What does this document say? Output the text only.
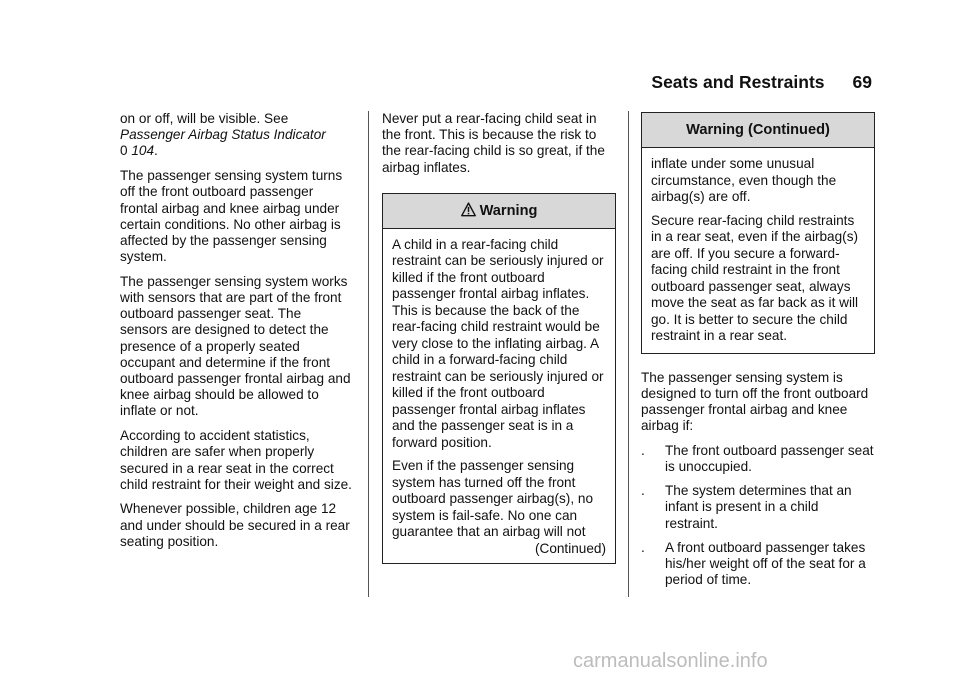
Seats and Restraints 69

on or off, will be visible. See
Passenger Airbag Status Indicator
0 104.

The passenger sensing system turns off the front outboard passenger frontal airbag and knee airbag under certain conditions. No other airbag is affected by the passenger sensing system.

The passenger sensing system works with sensors that are part of the front outboard passenger seat. The sensors are designed to detect the presence of a properly seated occupant and determine if the front outboard passenger frontal airbag and knee airbag should be allowed to inflate or not.

According to accident statistics, children are safer when properly secured in a rear seat in the correct child restraint for their weight and size.

Whenever possible, children age 12 and under should be secured in a rear seating position.

Never put a rear-facing child seat in the front. This is because the risk to the rear-facing child is so great, if the airbag inflates.

Warning

A child in a rear-facing child restraint can be seriously injured or killed if the front outboard passenger frontal airbag inflates. This is because the back of the rear-facing child restraint would be very close to the inflating airbag. A child in a forward-facing child restraint can be seriously injured or killed if the front outboard passenger frontal airbag inflates and the passenger seat is in a forward position.

Even if the passenger sensing system has turned off the front outboard passenger airbag(s), no system is fail-safe. No one can guarantee that an airbag will not

(Continued)
Warning (Continued)

inflate under some unusual circumstance, even though the airbag(s) are off.

Secure rear-facing child restraints in a rear seat, even if the airbag(s) are off. If you secure a forward-facing child restraint in the front outboard passenger seat, always move the seat as far back as it will go. It is better to secure the child restraint in a rear seat.

The passenger sensing system is designed to turn off the front outboard passenger frontal airbag and knee airbag if:

.	The front outboard passenger seat is unoccupied.
.	The system determines that an infant is present in a child restraint.
.	A front outboard passenger takes his/her weight off of the seat for a period of time.
carmanualsonline.info
